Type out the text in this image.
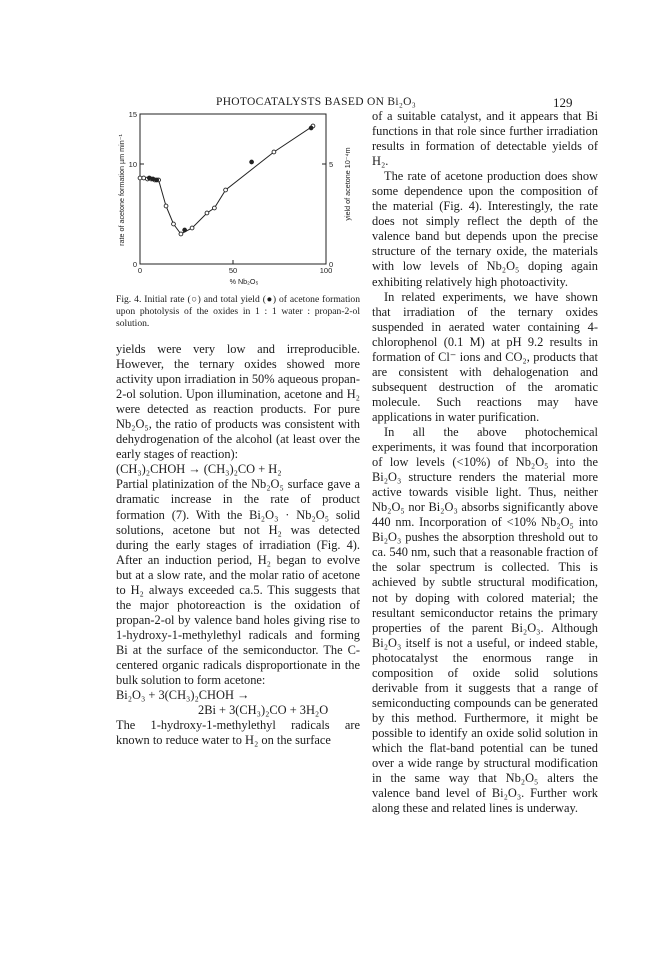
PHOTOCATALYSTS BASED ON Bi₂O₃	129
0	50	100
0
10
15
0
5
rate of acetone formation µm min⁻¹	yield of acetone 10⁻⁴m
% Nb₂O₅
Fig. 4. Initial rate (○) and total yield (●) of acetone formation upon photolysis of the oxides in 1 : 1 water : propan-2-ol solution.

yields were very low and irreproducible. However, the ternary oxides showed more activity upon irradiation in 50% aqueous propan-2-ol solution. Upon illumination, acetone and H₂ were detected as reaction products. For pure Nb₂O₅, the ratio of products was consistent with dehydrogenation of the alcohol (at least over the early stages of reaction):

(CH₃)₂CHOH → (CH₃)₂CO + H₂

Partial platinization of the Nb₂O₅ surface gave a dramatic increase in the rate of product formation (7). With the Bi₂O₃ · Nb₂O₅ solid solutions, acetone but not H₂ was detected during the early stages of irradiation (Fig. 4). After an induction period, H₂ began to evolve but at a slow rate, and the molar ratio of acetone to H₂ always exceeded ca.5. This suggests that the major photoreaction is the oxidation of propan-2-ol by valence band holes giving rise to 1-hydroxy-1-methylethyl radicals and forming Bi at the surface of the semiconductor. The C-centered organic radicals disproportionate in the bulk solution to form acetone:

Bi₂O₃ + 3(CH₃)₂CHOH →

2Bi + 3(CH₃)₂CO + 3H₂O

The 1-hydroxy-1-methylethyl radicals are known to reduce water to H₂ on the surface

of a suitable catalyst, and it appears that Bi functions in that role since further irradiation results in formation of detectable yields of H₂.

The rate of acetone production does show some dependence upon the composition of the material (Fig. 4). Interestingly, the rate does not simply reflect the depth of the valence band but depends upon the precise structure of the ternary oxide, the materials with low levels of Nb₂O₅ doping again exhibiting relatively high photoactivity.

In related experiments, we have shown that irradiation of the ternary oxides suspended in aerated water containing 4-chlorophenol (0.1 M) at pH 9.2 results in formation of Cl⁻ ions and CO₂, products that are consistent with dehalogenation and subsequent destruction of the aromatic molecule. Such reactions may have applications in water purification.

In all the above photochemical experiments, it was found that incorporation of low levels (<10%) of Nb₂O₅ into the Bi₂O₃ structure renders the material more active towards visible light. Thus, neither Nb₂O₅ nor Bi₂O₃ absorbs significantly above 440 nm. Incorporation of <10% Nb₂O₅ into Bi₂O₃ pushes the absorption threshold out to ca. 540 nm, such that a reasonable fraction of the solar spectrum is collected. This is achieved by subtle structural modification, not by doping with colored material; the resultant semiconductor retains the primary properties of the parent Bi₂O₃. Although Bi₂O₃ itself is not a useful, or indeed stable, photocatalyst the enormous range in composition of oxide solid solutions derivable from it suggests that a range of semiconducting compounds can be generated by this method. Furthermore, it might be possible to identify an oxide solid solution in which the flat-band potential can be tuned over a wide range by structural modification in the same way that Nb₂O₅ alters the valence band level of Bi₂O₃. Further work along these and related lines is underway.
